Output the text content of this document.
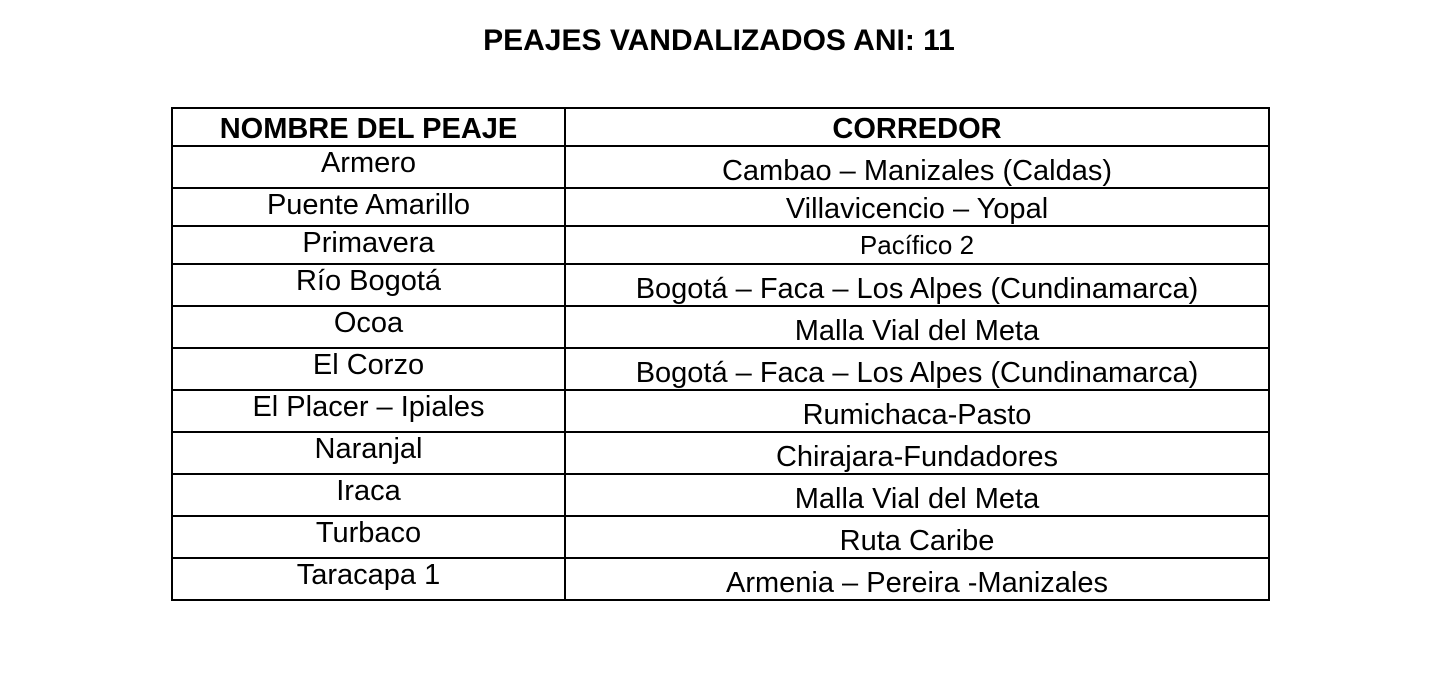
PEAJES VANDALIZADOS ANI: 11
NOMBRE DEL PEAJE	CORREDOR
Armero	Cambao – Manizales (Caldas)
Puente Amarillo	Villavicencio – Yopal
Primavera	Pacífico 2
Río Bogotá	Bogotá – Faca – Los Alpes (Cundinamarca)
Ocoa	Malla Vial del Meta
El Corzo	Bogotá – Faca – Los Alpes (Cundinamarca)
El Placer – Ipiales	Rumichaca-Pasto
Naranjal	Chirajara-Fundadores
Iraca	Malla Vial del Meta
Turbaco	Ruta Caribe
Taracapa 1	Armenia – Pereira -Manizales
